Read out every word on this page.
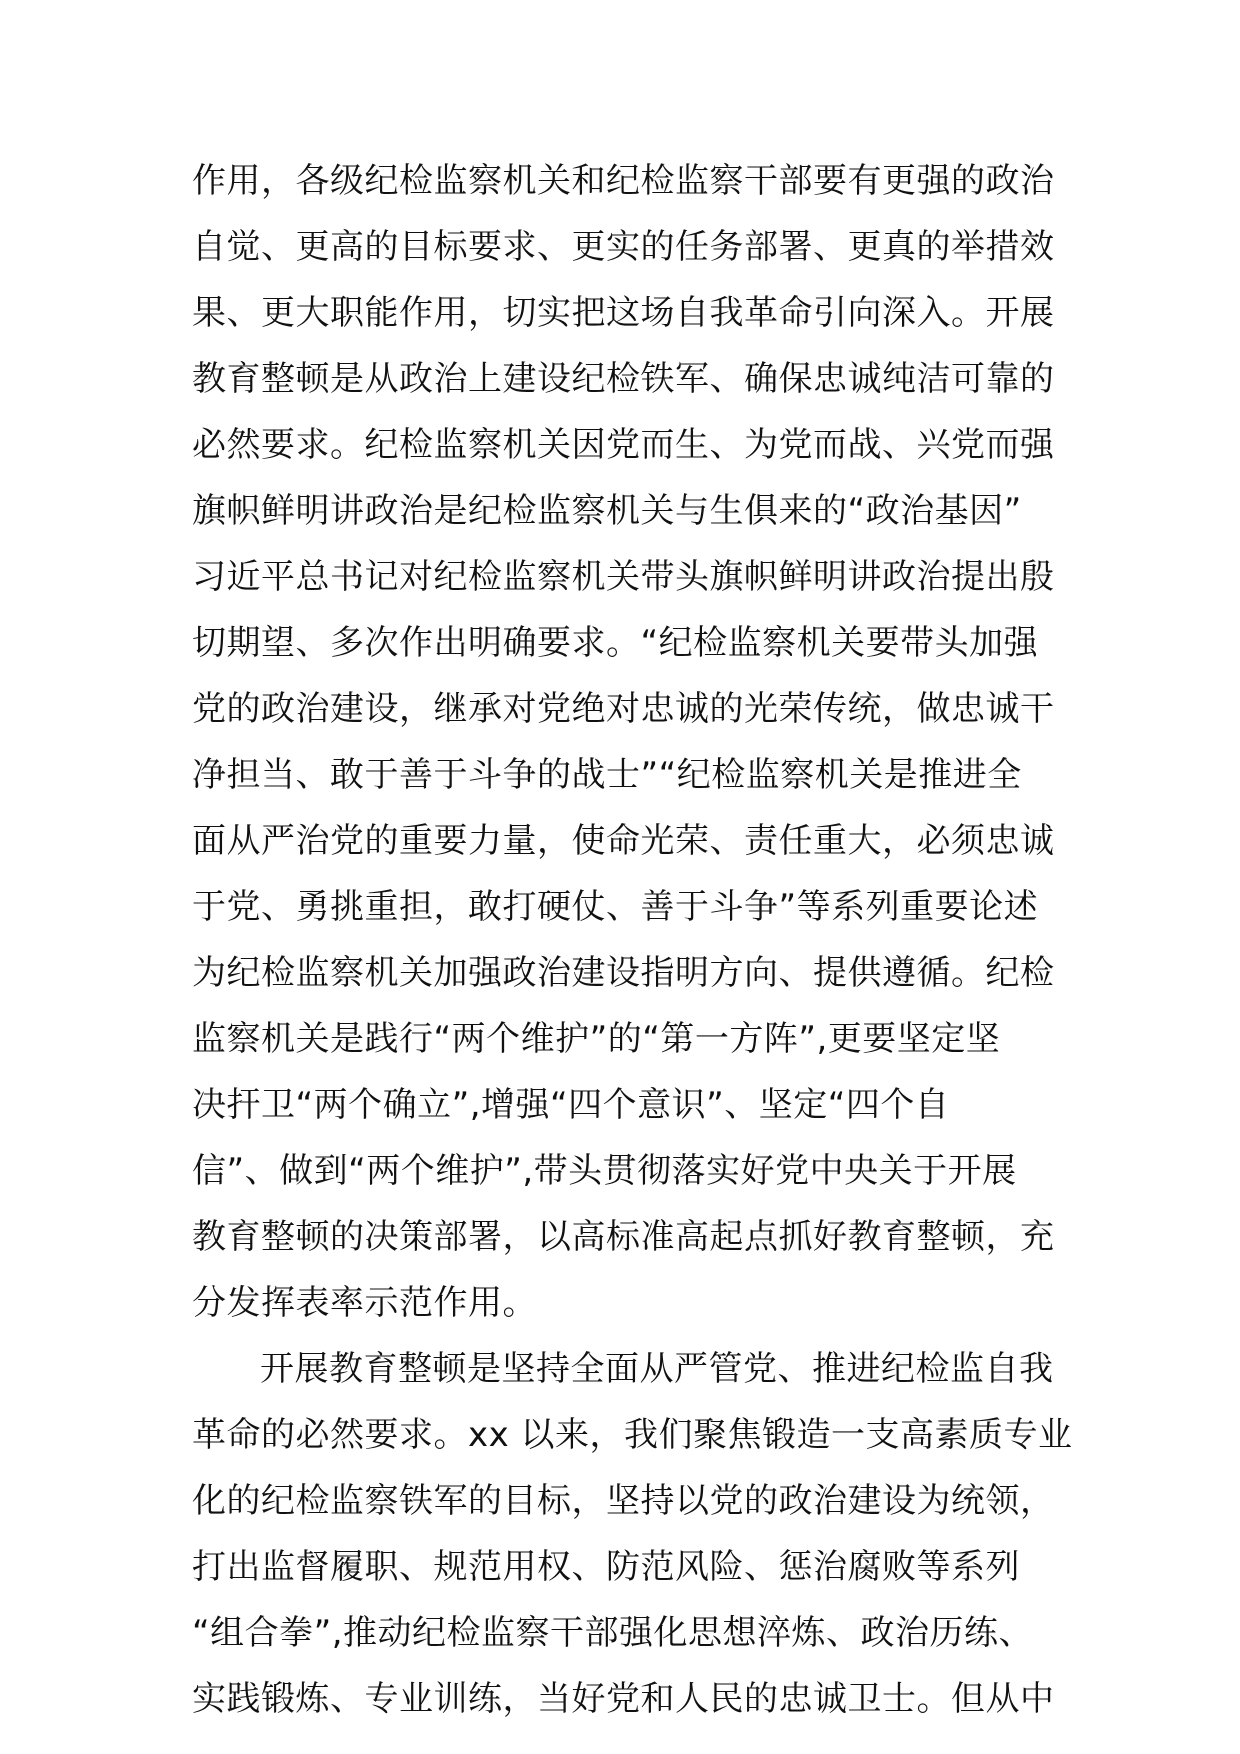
作用，各级纪检监察机关和纪检监察干部要有更强的政治
自觉、更高的目标要求、更实的任务部署、更真的举措效
果、更大职能作用，切实把这场自我革命引向深入。开展
教育整顿是从政治上建设纪检铁军、确保忠诚纯洁可靠的
必然要求。纪检监察机关因党而生、为党而战、兴党而强
旗帜鲜明讲政治是纪检监察机关与生俱来的“政治基因”
习近平总书记对纪检监察机关带头旗帜鲜明讲政治提出殷
切期望、多次作出明确要求。“纪检监察机关要带头加强
党的政治建设，继承对党绝对忠诚的光荣传统，做忠诚干
净担当、敢于善于斗争的战士”“纪检监察机关是推进全
面从严治党的重要力量，使命光荣、责任重大，必须忠诚
于党、勇挑重担，敢打硬仗、善于斗争”等系列重要论述
为纪检监察机关加强政治建设指明方向、提供遵循。纪检
监察机关是践行“两个维护”的“第一方阵”,更要坚定坚
决扞卫“两个确立”,增强“四个意识”、坚定“四个自
信”、做到“两个维护”,带头贯彻落实好党中央关于开展
教育整顿的决策部署，以高标准高起点抓好教育整顿，充
分发挥表率示范作用。
开展教育整顿是坚持全面从严管党、推进纪检监自我
革命的必然要求。xx 以来，我们聚焦锻造一支高素质专业
化的纪检监察铁军的目标，坚持以党的政治建设为统领，
打出监督履职、规范用权、防范风险、惩治腐败等系列
“组合拳”,推动纪检监察干部强化思想淬炼、政治历练、
实践锻炼、专业训练，当好党和人民的忠诚卫士。但从中
